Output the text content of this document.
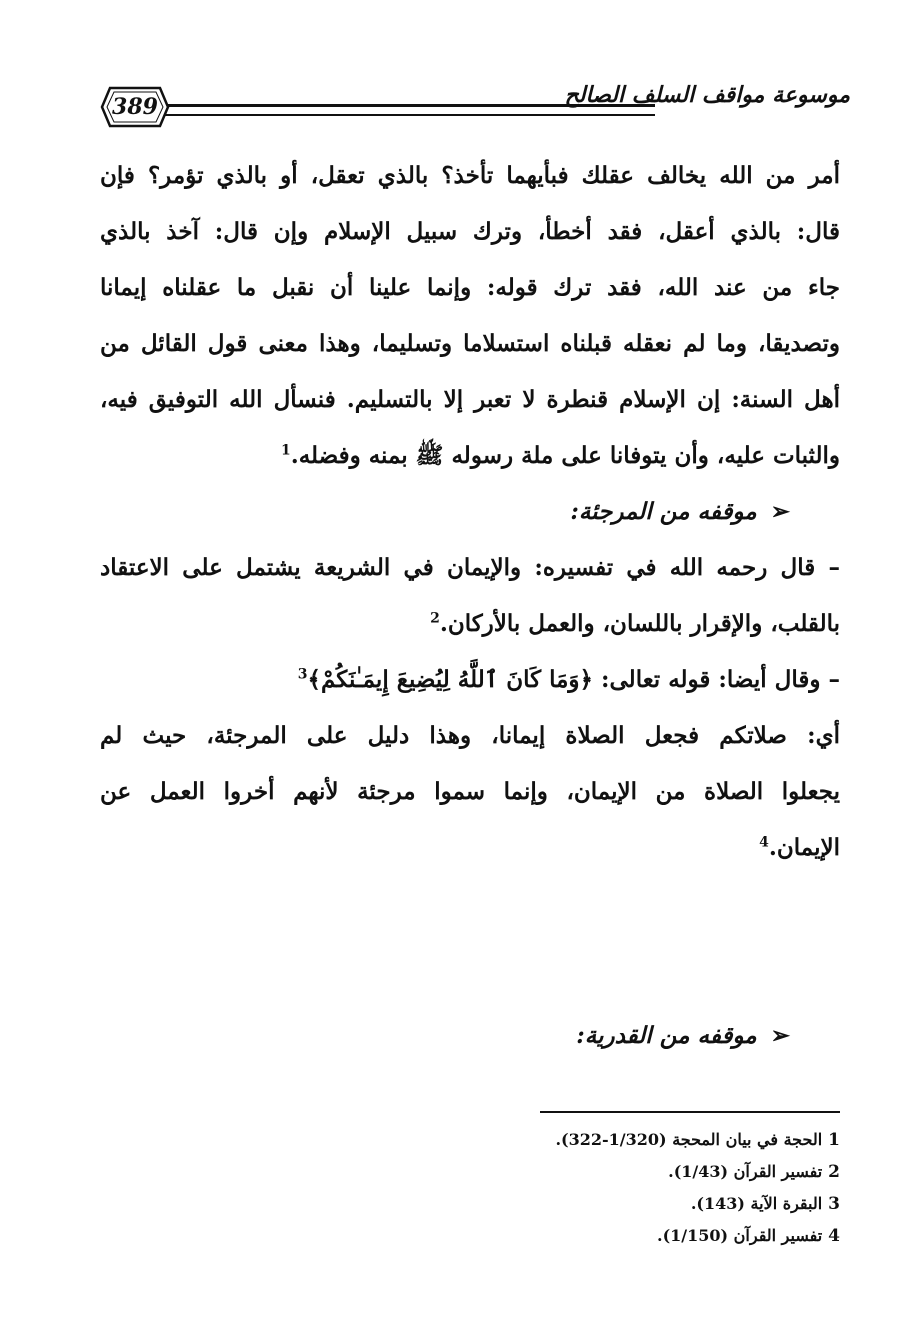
389	موسوعة مواقف السلف الصالح
أمر من الله يخالف عقلك فبأيهما تأخذ؟ بالذي تعقل، أو بالذي تؤمر؟ فإن
قال: بالذي أعقل، فقد أخطأ، وترك سبيل الإسلام وإن قال: آخذ بالذي
جاء من عند الله، فقد ترك قوله: وإنما علينا أن نقبل ما عقلناه إيمانا
وتصديقا، وما لم نعقله قبلناه استسلاما وتسليما، وهذا معنى قول القائل من
أهل السنة: إن الإسلام قنطرة لا تعبر إلا بالتسليم. فنسأل الله التوفيق فيه،
والثبات عليه، وأن يتوفانا على ملة رسوله ﷺ بمنه وفضله.$^1$
➢موقفه من المرجئة:
– قال رحمه الله في تفسيره: والإيمان في الشريعة يشتمل على الاعتقاد
بالقلب، والإقرار باللسان، والعمل بالأركان.$^2$
– وقال أيضا: قوله تعالى: ﴿وَمَا كَانَ ٱللَّهُ لِيُضِيعَ إِيمَـٰنَكُمْ﴾$^3$
أي: صلاتكم فجعل الصلاة إيمانا، وهذا دليل على المرجئة، حيث لم
يجعلوا الصلاة من الإيمان، وإنما سموا مرجئة لأنهم أخروا العمل عن
الإيمان.$^4$
➢موقفه من القدرية:
1الحجة في بيان المحجة (1/320-322).
2تفسير القرآن (1/43).
3البقرة الآية (143).
4تفسير القرآن (1/150).
